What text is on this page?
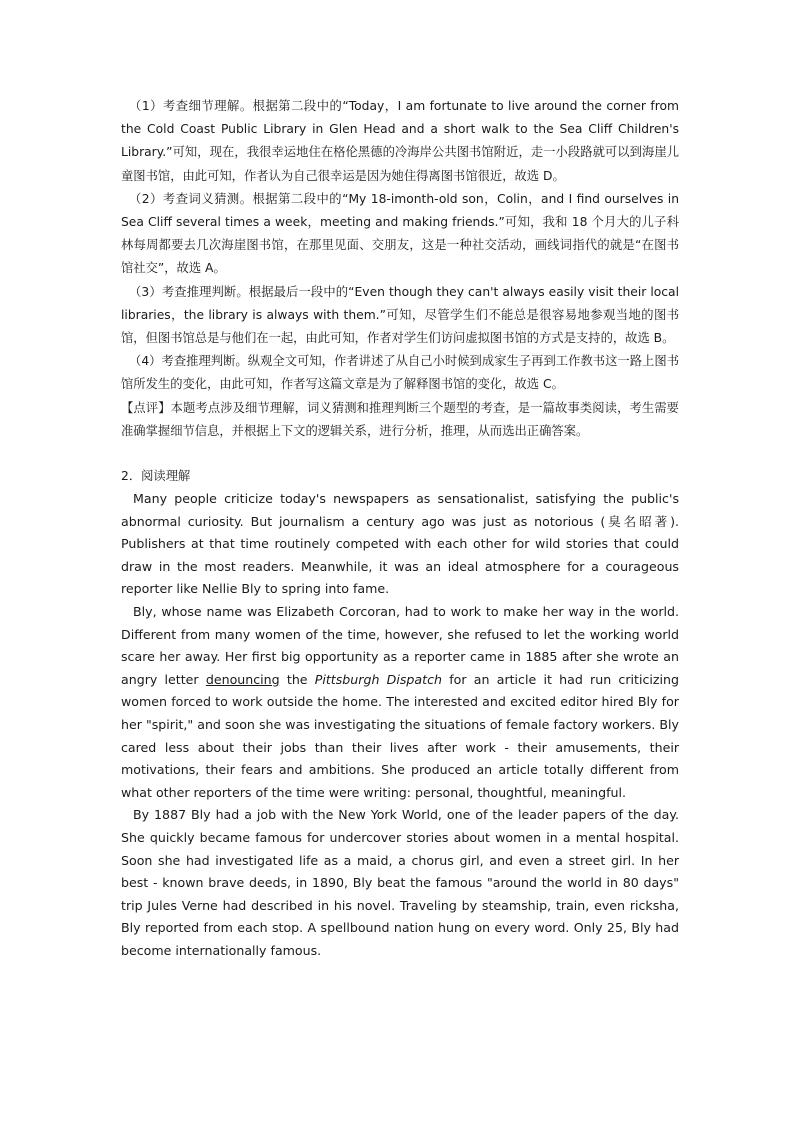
（1）考查细节理解。根据第二段中的“Today，I am fortunate to live around the corner from the Cold Coast Public Library in Glen Head and a short walk to the Sea Cliff Children's Library.”可知，现在，我很幸运地住在格伦黑德的冷海岸公共图书馆附近，走一小段路就可以到海崖儿童图书馆，由此可知，作者认为自己很幸运是因为她住得离图书馆很近，故选 D。

（2）考查词义猜测。根据第二段中的“My 18-imonth-old son，Colin，and I find ourselves in Sea Cliff several times a week，meeting and making friends.”可知，我和 18 个月大的儿子科林每周都要去几次海崖图书馆，在那里见面、交朋友，这是一种社交活动，画线词指代的就是“在图书馆社交”，故选 A。

（3）考查推理判断。根据最后一段中的“Even though they can't always easily visit their local libraries，the library is always with them.”可知，尽管学生们不能总是很容易地参观当地的图书馆，但图书馆总是与他们在一起，由此可知，作者对学生们访问虚拟图书馆的方式是支持的，故选 B。

（4）考查推理判断。纵观全文可知，作者讲述了从自己小时候到成家生子再到工作教书这一路上图书馆所发生的变化，由此可知，作者写这篇文章是为了解释图书馆的变化，故选 C。

【点评】本题考点涉及细节理解，词义猜测和推理判断三个题型的考查，是一篇故事类阅读，考生需要准确掌握细节信息，并根据上下文的逻辑关系，进行分析，推理，从而选出正确答案。

2．阅读理解

Many people criticize today's newspapers as sensationalist, satisfying the public's abnormal curiosity. But journalism a century ago was just as notorious (臭名昭著). Publishers at that time routinely competed with each other for wild stories that could draw in the most readers. Meanwhile, it was an ideal atmosphere for a courageous reporter like Nellie Bly to spring into fame.

Bly, whose name was Elizabeth Corcoran, had to work to make her way in the world. Different from many women of the time, however, she refused to let the working world scare her away. Her first big opportunity as a reporter came in 1885 after she wrote an angry letter denouncing the Pittsburgh Dispatch for an article it had run criticizing women forced to work outside the home. The interested and excited editor hired Bly for her "spirit," and soon she was investigating the situations of female factory workers. Bly cared less about their jobs than their lives after work - their amusements, their motivations, their fears and ambitions. She produced an article totally different from what other reporters of the time were writing: personal, thoughtful, meaningful.

By 1887 Bly had a job with the New York World, one of the leader papers of the day. She quickly became famous for undercover stories about women in a mental hospital. Soon she had investigated life as a maid, a chorus girl, and even a street girl. In her best - known brave deeds, in 1890, Bly beat the famous "around the world in 80 days" trip Jules Verne had described in his novel. Traveling by steamship, train, even ricksha, Bly reported from each stop. A spellbound nation hung on every word. Only 25, Bly had become internationally famous.
